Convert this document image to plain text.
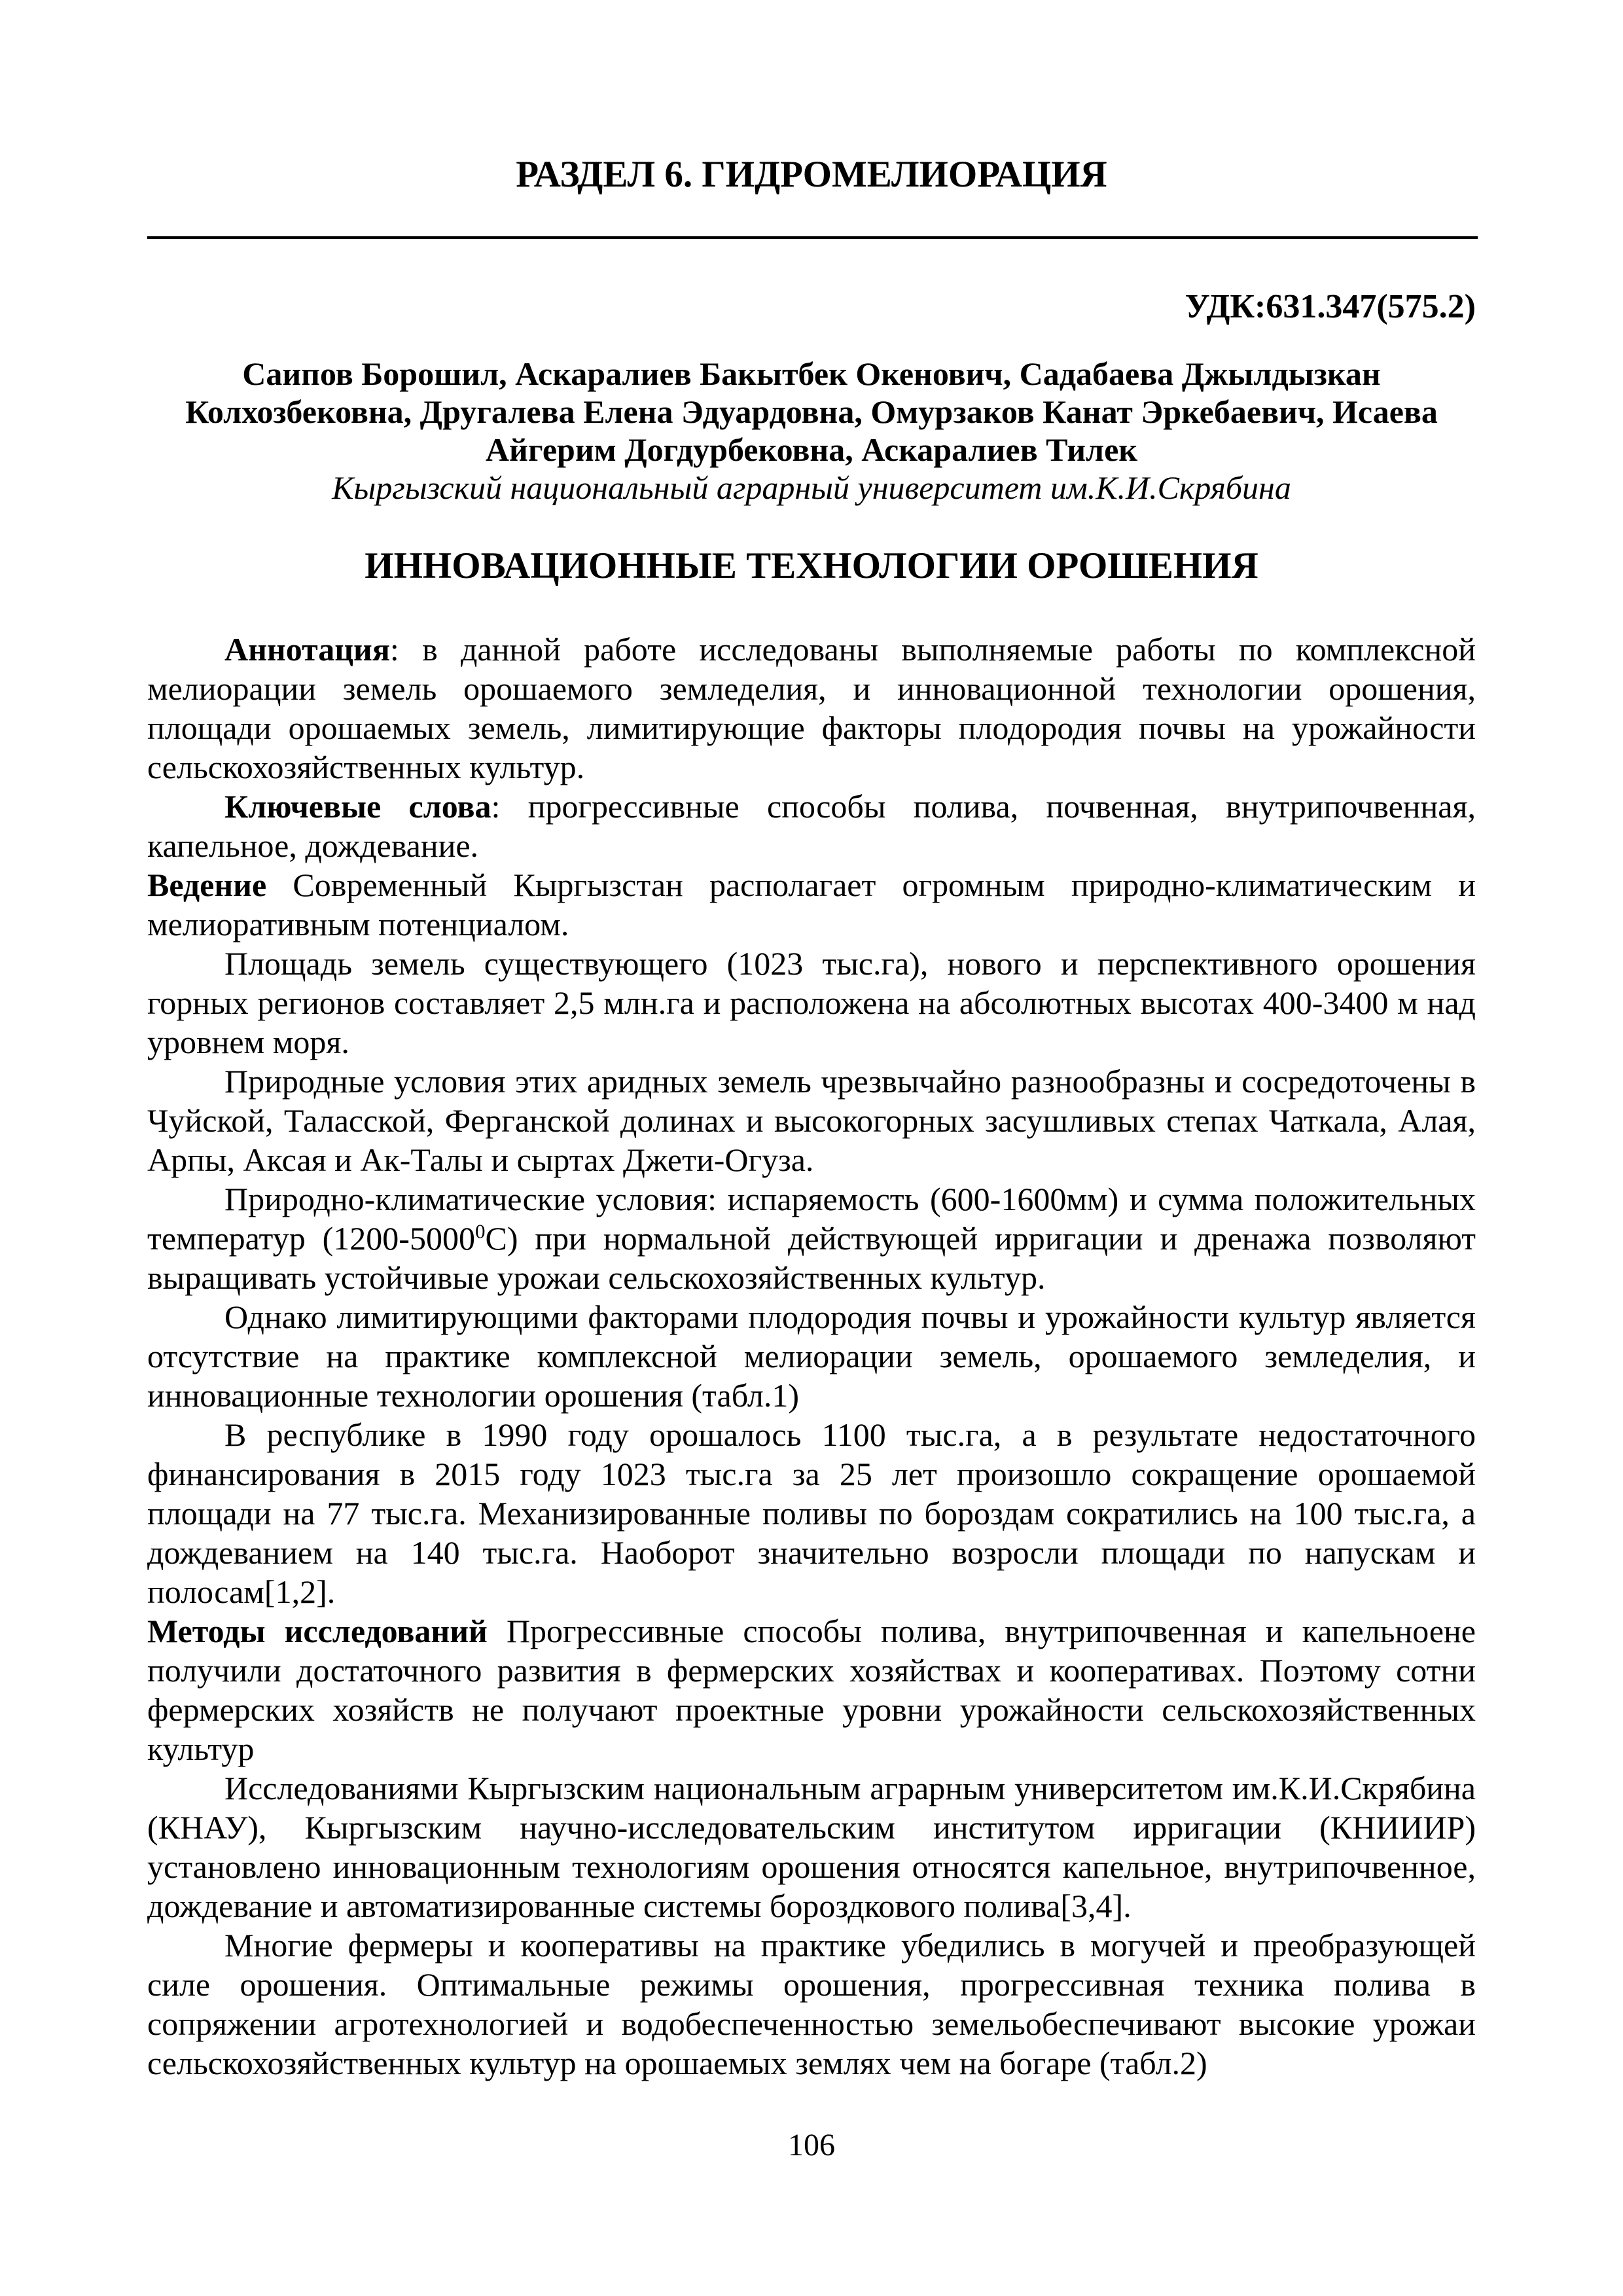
РАЗДЕЛ 6. ГИДРОМЕЛИОРАЦИЯ
УДК:631.347(575.2)
Саипов Борошил, Аскаралиев Бакытбек Окенович, Садабаева Джылдызкан Колхозбековна, Другалева Елена Эдуардовна, Омурзаков Канат Эркебаевич, Исаева Айгерим Догдурбековна, Аскаралиев Тилек
Кыргызский национальный аграрный университет им.К.И.Скрябина
ИННОВАЦИОННЫЕ ТЕХНОЛОГИИ ОРОШЕНИЯ

Аннотация: в данной работе исследованы выполняемые работы по комплексной мелиорации земель орошаемого земледелия, и инновационной технологии орошения, площади орошаемых земель, лимитирующие факторы плодородия почвы на урожайности сельскохозяйственных культур.

Ключевые слова: прогрессивные способы полива, почвенная, внутрипочвенная, капельное, дождевание.

Ведение Современный Кыргызстан располагает огромным природно-климатическим и мелиоративным потенциалом.

Площадь земель существующего (1023 тыс.га), нового и перспективного орошения горных регионов составляет 2,5 млн.га и расположена на абсолютных высотах 400-3400 м над уровнем моря.

Природные условия этих аридных земель чрезвычайно разнообразны и сосредоточены в Чуйской, Таласской, Ферганской долинах и высокогорных засушливых степах Чаткала, Алая, Арпы, Аксая и Ак-Талы и сыртах Джети-Огуза.

Природно-климатические условия: испаряемость (600-1600мм) и сумма положительных температур (1200-5000$^0$С) при нормальной действующей ирригации и дренажа позволяют выращивать устойчивые урожаи сельскохозяйственных культур.

Однако лимитирующими факторами плодородия почвы и урожайности культур является отсутствие на практике комплексной мелиорации земель, орошаемого земледелия, и инновационные технологии орошения (табл.1)

В республике в 1990 году орошалось 1100 тыс.га, а в результате недостаточного финансирования в 2015 году 1023 тыс.га за 25 лет произошло сокращение орошаемой площади на 77 тыс.га. Механизированные поливы по бороздам сократились на 100 тыс.га, а дождеванием на 140 тыс.га. Наоборот значительно возросли площади по напускам и полосам[1,2].

Методы исследований Прогрессивные способы полива, внутрипочвенная и капельноене получили достаточного развития в фермерских хозяйствах и кооперативах. Поэтому сотни фермерских хозяйств не получают проектные уровни урожайности сельскохозяйственных культур

Исследованиями Кыргызским национальным аграрным университетом им.К.И.Скрябина (КНАУ), Кыргызским научно-исследовательским институтом ирригации (КНИИИР) установлено инновационным технологиям орошения относятся капельное, внутрипочвенное, дождевание и автоматизированные системы бороздкового полива[3,4].

Многие фермеры и кооперативы на практике убедились в могучей и преобразующей силе орошения. Оптимальные режимы орошения, прогрессивная техника полива в сопряжении агротехнологией и водобеспеченностью земельобеспечивают высокие урожаи сельскохозяйственных культур на орошаемых землях чем на богаре (табл.2)

106
